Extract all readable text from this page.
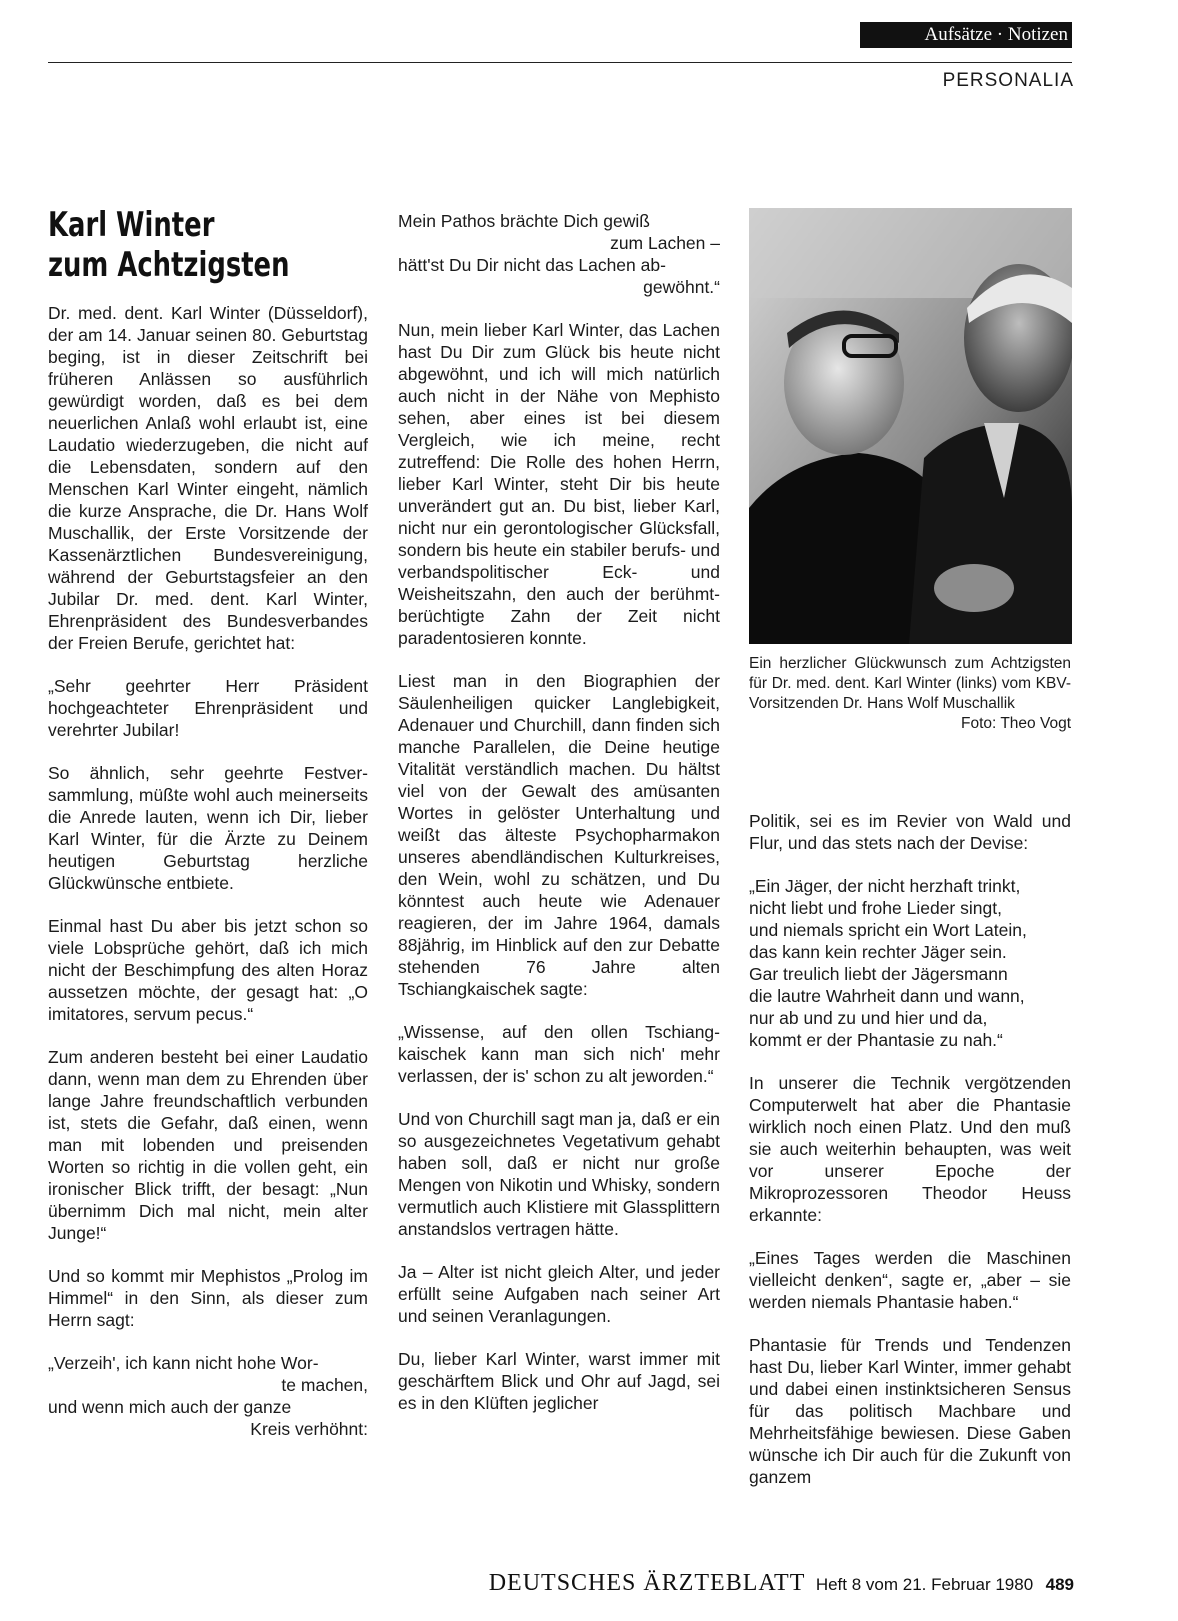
Aufsätze · Notizen
PERSONALIA
Karl Winter
zum Achtzigsten

Dr. med. dent. Karl Winter (Düsseldorf), der am 14. Januar seinen 80. Geburtstag beging, ist in dieser Zeitschrift bei früheren Anlässen so ausführlich gewürdigt worden, daß es bei dem neuerlichen Anlaß wohl erlaubt ist, eine Laudatio wiederzugeben, die nicht auf die Lebensdaten, sondern auf den Menschen Karl Winter eingeht, nämlich die kurze Ansprache, die Dr. Hans Wolf Muschallik, der Erste Vorsitzende der Kassenärztlichen Bundesvereinigung, während der Geburtstagsfeier an den Jubilar Dr. med. dent. Karl Winter, Ehrenpräsident des Bundesverbandes der Freien Berufe, gerichtet hat:

„Sehr geehrter Herr Präsident hochgeachteter Ehrenpräsident und verehrter Jubilar!

So ähnlich, sehr geehrte Festversammlung, müßte wohl auch meinerseits die Anrede lauten, wenn ich Dir, lieber Karl Winter, für die Ärzte zu Deinem heutigen Geburtstag herzliche Glückwünsche entbiete.

Einmal hast Du aber bis jetzt schon so viele Lobsprüche gehört, daß ich mich nicht der Beschimpfung des alten Horaz aussetzen möchte, der gesagt hat: „O imitatores, servum pecus.“

Zum anderen besteht bei einer Laudatio dann, wenn man dem zu Ehrenden über lange Jahre freundschaftlich verbunden ist, stets die Gefahr, daß einen, wenn man mit lobenden und preisenden Worten so richtig in die vollen geht, ein ironischer Blick trifft, der besagt: „Nun übernimm Dich mal nicht, mein alter Junge!“

Und so kommt mir Mephistos „Prolog im Himmel“ in den Sinn, als dieser zum Herrn sagt:

„Verzeih', ich kann nicht hohe Wor-
te machen,
und wenn mich auch der ganze
Kreis verhöhnt:
Mein Pathos brächte Dich gewiß
zum Lachen –
hätt'st Du Dir nicht das Lachen ab-
gewöhnt.“

Nun, mein lieber Karl Winter, das Lachen hast Du Dir zum Glück bis heute nicht abgewöhnt, und ich will mich natürlich auch nicht in der Nähe von Mephisto sehen, aber eines ist bei diesem Vergleich, wie ich meine, recht zutreffend: Die Rolle des hohen Herrn, lieber Karl Winter, steht Dir bis heute unverändert gut an. Du bist, lieber Karl, nicht nur ein gerontologischer Glücksfall, sondern bis heute ein stabiler berufs- und verbandspolitischer Eck- und Weisheitszahn, den auch der berühmt-berüchtigte Zahn der Zeit nicht paradentosieren konnte.

Liest man in den Biographien der Säulenheiligen quicker Langlebigkeit, Adenauer und Churchill, dann finden sich manche Parallelen, die Deine heutige Vitalität verständlich machen. Du hältst viel von der Gewalt des amüsanten Wortes in gelöster Unterhaltung und weißt das älteste Psychopharmakon unseres abendländischen Kulturkreises, den Wein, wohl zu schätzen, und Du könntest auch heute wie Adenauer reagieren, der im Jahre 1964, damals 88jährig, im Hinblick auf den zur Debatte stehenden 76 Jahre alten Tschiangkaischek sagte:

„Wissense, auf den ollen Tschiangkaischek kann man sich nich' mehr verlassen, der is' schon zu alt jeworden.“

Und von Churchill sagt man ja, daß er ein so ausgezeichnetes Vegetativum gehabt haben soll, daß er nicht nur große Mengen von Nikotin und Whisky, sondern vermutlich auch Klistiere mit Glassplittern anstandslos vertragen hätte.

Ja – Alter ist nicht gleich Alter, und jeder erfüllt seine Aufgaben nach seiner Art und seinen Veranlagungen.

Du, lieber Karl Winter, warst immer mit geschärftem Blick und Ohr auf Jagd, sei es in den Klüften jeglicher

Ein herzlicher Glückwunsch zum Achtzigsten für Dr. med. dent. Karl Winter (links) vom KBV-Vorsitzenden Dr. Hans Wolf Muschallik
Foto: Theo Vogt

Politik, sei es im Revier von Wald und Flur, und das stets nach der Devise:

„Ein Jäger, der nicht herzhaft trinkt,
nicht liebt und frohe Lieder singt,
und niemals spricht ein Wort Latein,
das kann kein rechter Jäger sein.
Gar treulich liebt der Jägersmann
die lautre Wahrheit dann und wann,
nur ab und zu und hier und da,
kommt er der Phantasie zu nah.“

In unserer die Technik vergötzenden Computerwelt hat aber die Phantasie wirklich noch einen Platz. Und den muß sie auch weiterhin behaupten, was weit vor unserer Epoche der Mikroprozessoren Theodor Heuss erkannte:

„Eines Tages werden die Maschinen vielleicht denken“, sagte er, „aber – sie werden niemals Phantasie haben.“

Phantasie für Trends und Tendenzen hast Du, lieber Karl Winter, immer gehabt und dabei einen instinktsicheren Sensus für das politisch Machbare und Mehrheitsfähige bewiesen. Diese Gaben wünsche ich Dir auch für die Zukunft von ganzem

DEUTSCHES ÄRZTEBLATT Heft 8 vom 21. Februar 1980 489
